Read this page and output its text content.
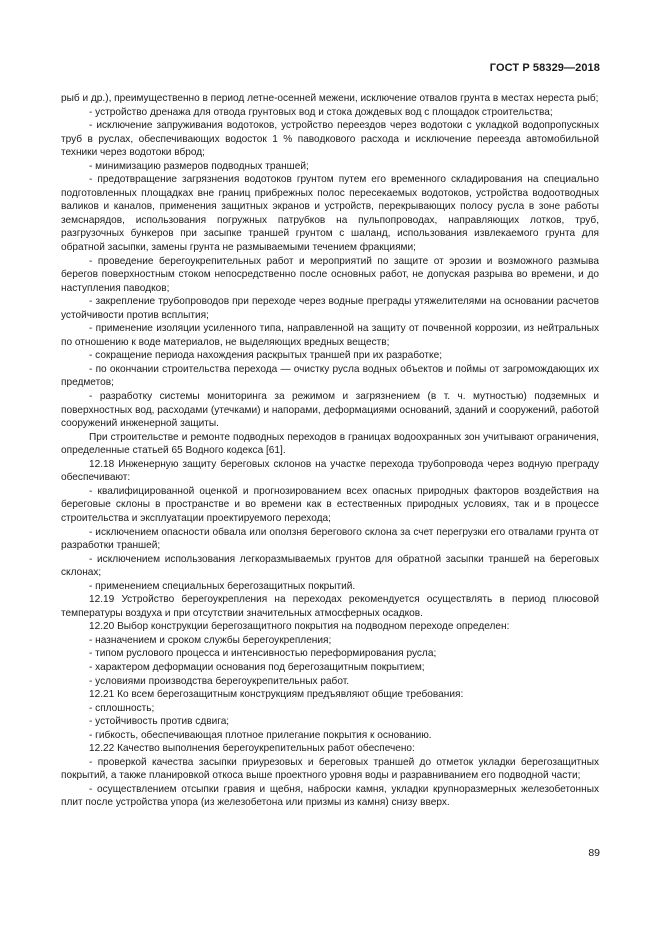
ГОСТ Р 58329—2018

рыб и др.), преимущественно в период летне-осенней межени, исключение отвалов грунта в местах нереста рыб;

- устройство дренажа для отвода грунтовых вод и стока дождевых вод с площадок строительства;

- исключение запруживания водотоков, устройство переездов через водотоки с укладкой водопропускных труб в руслах, обеспечивающих водосток 1 % паводкового расхода и исключение переезда автомобильной техники через водотоки вброд;

- минимизацию размеров подводных траншей;

- предотвращение загрязнения водотоков грунтом путем его временного складирования на специально подготовленных площадках вне границ прибрежных полос пересекаемых водотоков, устройства водоотводных валиков и каналов, применения защитных экранов и устройств, перекрывающих полосу русла в зоне работы земснарядов, использования погружных патрубков на пульпопроводах, направляющих лотков, труб, разгрузочных бункеров при засыпке траншей грунтом с шаланд, использования извлекаемого грунта для обратной засыпки, замены грунта не размываемыми течением фракциями;

- проведение берегоукрепительных работ и мероприятий по защите от эрозии и возможного размыва берегов поверхностным стоком непосредственно после основных работ, не допуская разрыва во времени, и до наступления паводков;

- закрепление трубопроводов при переходе через водные преграды утяжелителями на основании расчетов устойчивости против всплытия;

- применение изоляции усиленного типа, направленной на защиту от почвенной коррозии, из нейтральных по отношению к воде материалов, не выделяющих вредных веществ;

- сокращение периода нахождения раскрытых траншей при их разработке;

- по окончании строительства перехода — очистку русла водных объектов и поймы от загромождающих их предметов;

- разработку системы мониторинга за режимом и загрязнением (в т. ч. мутностью) подземных и поверхностных вод, расходами (утечками) и напорами, деформациями оснований, зданий и сооружений, работой сооружений инженерной защиты.

При строительстве и ремонте подводных переходов в границах водоохранных зон учитывают ограничения, определенные статьей 65 Водного кодекса [61].

12.18 Инженерную защиту береговых склонов на участке перехода трубопровода через водную преграду обеспечивают:

- квалифицированной оценкой и прогнозированием всех опасных природных факторов воздействия на береговые склоны в пространстве и во времени как в естественных природных условиях, так и в процессе строительства и эксплуатации проектируемого перехода;

- исключением опасности обвала или оползня берегового склона за счет перегрузки его отвалами грунта от разработки траншей;

- исключением использования легкоразмываемых грунтов для обратной засыпки траншей на береговых склонах;

- применением специальных берегозащитных покрытий.

12.19 Устройство берегоукрепления на переходах рекомендуется осуществлять в период плюсовой температуры воздуха и при отсутствии значительных атмосферных осадков.

12.20 Выбор конструкции берегозащитного покрытия на подводном переходе определен:

- назначением и сроком службы берегоукрепления;

- типом руслового процесса и интенсивностью переформирования русла;

- характером деформации основания под берегозащитным покрытием;

- условиями производства берегоукрепительных работ.

12.21 Ко всем берегозащитным конструкциям предъявляют общие требования:

- сплошность;

- устойчивость против сдвига;

- гибкость, обеспечивающая плотное прилегание покрытия к основанию.

12.22 Качество выполнения берегоукрепительных работ обеспечено:

- проверкой качества засыпки приурезовых и береговых траншей до отметок укладки берегозащитных покрытий, а также планировкой откоса выше проектного уровня воды и разравниванием его подводной части;

- осуществлением отсыпки гравия и щебня, наброски камня, укладки крупноразмерных железобетонных плит после устройства упора (из железобетона или призмы из камня) снизу вверх.

89
